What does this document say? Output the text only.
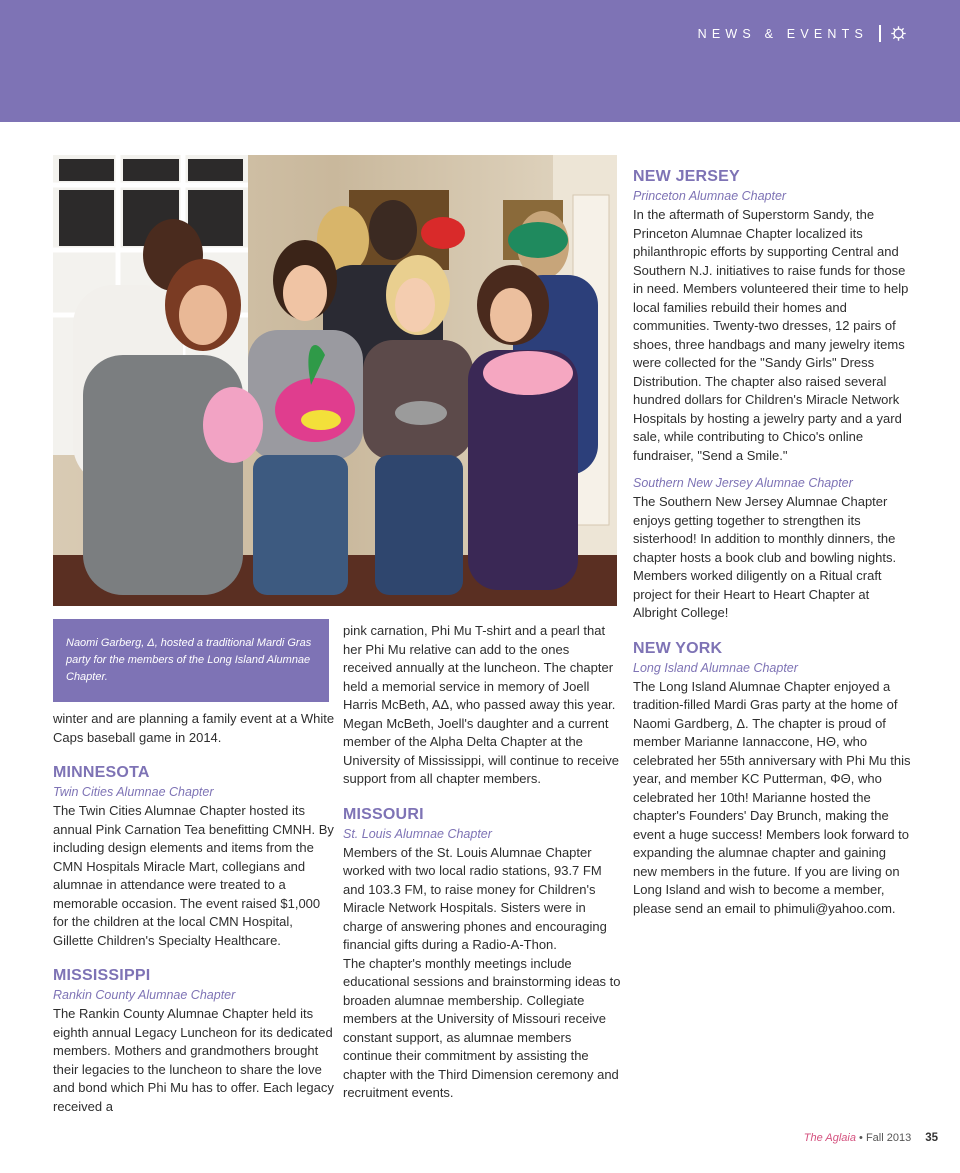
NEWS & EVENTS

Naomi Garberg, Δ, hosted a traditional Mardi Gras party for the members of the Long Island Alumnae Chapter.

winter and are planning a family event at a White Caps baseball game in 2014.

MINNESOTA

Twin Cities Alumnae Chapter

The Twin Cities Alumnae Chapter hosted its annual Pink Carnation Tea benefitting CMNH. By including design elements and items from the CMN Hospitals Miracle Mart, collegians and alumnae in attendance were treated to a memorable occasion. The event raised $1,000 for the children at the local CMN Hospital, Gillette Children's Specialty Healthcare.

MISSISSIPPI

Rankin County Alumnae Chapter

The Rankin County Alumnae Chapter held its eighth annual Legacy Luncheon for its dedicated members. Mothers and grandmothers brought their legacies to the luncheon to share the love and bond which Phi Mu has to offer. Each legacy received a

pink carnation, Phi Mu T-shirt and a pearl that her Phi Mu relative can add to the ones received annually at the luncheon. The chapter held a memorial service in memory of Joell Harris McBeth, AΔ, who passed away this year. Megan McBeth, Joell's daughter and a current member of the Alpha Delta Chapter at the University of Mississippi, will continue to receive support from all chapter members.

MISSOURI

St. Louis Alumnae Chapter

Members of the St. Louis Alumnae Chapter worked with two local radio stations, 93.7 FM and 103.3 FM, to raise money for Children's Miracle Network Hospitals. Sisters were in charge of answering phones and encouraging financial gifts during a Radio-A-Thon.

The chapter's monthly meetings include educational sessions and brainstorming ideas to broaden alumnae membership. Collegiate members at the University of Missouri receive constant support, as alumnae members continue their commitment by assisting the chapter with the Third Dimension ceremony and recruitment events.

NEW JERSEY

Princeton Alumnae Chapter

In the aftermath of Superstorm Sandy, the Princeton Alumnae Chapter localized its philanthropic efforts by supporting Central and Southern N.J. initiatives to raise funds for those in need. Members volunteered their time to help local families rebuild their homes and communities. Twenty-two dresses, 12 pairs of shoes, three handbags and many jewelry items were collected for the "Sandy Girls" Dress Distribution. The chapter also raised several hundred dollars for Children's Miracle Network Hospitals by hosting a jewelry party and a yard sale, while contributing to Chico's online fundraiser, "Send a Smile."

Southern New Jersey Alumnae Chapter

The Southern New Jersey Alumnae Chapter enjoys getting together to strengthen its sisterhood! In addition to monthly dinners, the chapter hosts a book club and bowling nights. Members worked diligently on a Ritual craft project for their Heart to Heart Chapter at Albright College!

NEW YORK

Long Island Alumnae Chapter

The Long Island Alumnae Chapter enjoyed a tradition-filled Mardi Gras party at the home of Naomi Gardberg, Δ. The chapter is proud of member Marianne Iannaccone, HΘ, who celebrated her 55th anniversary with Phi Mu this year, and member KC Putterman, ΦΘ, who celebrated her 10th! Marianne hosted the chapter's Founders' Day Brunch, making the event a huge success! Members look forward to expanding the alumnae chapter and gaining new members in the future. If you are living on Long Island and wish to become a member, please send an email to phimuli@yahoo.com.

The Aglaia • Fall 2013 35
